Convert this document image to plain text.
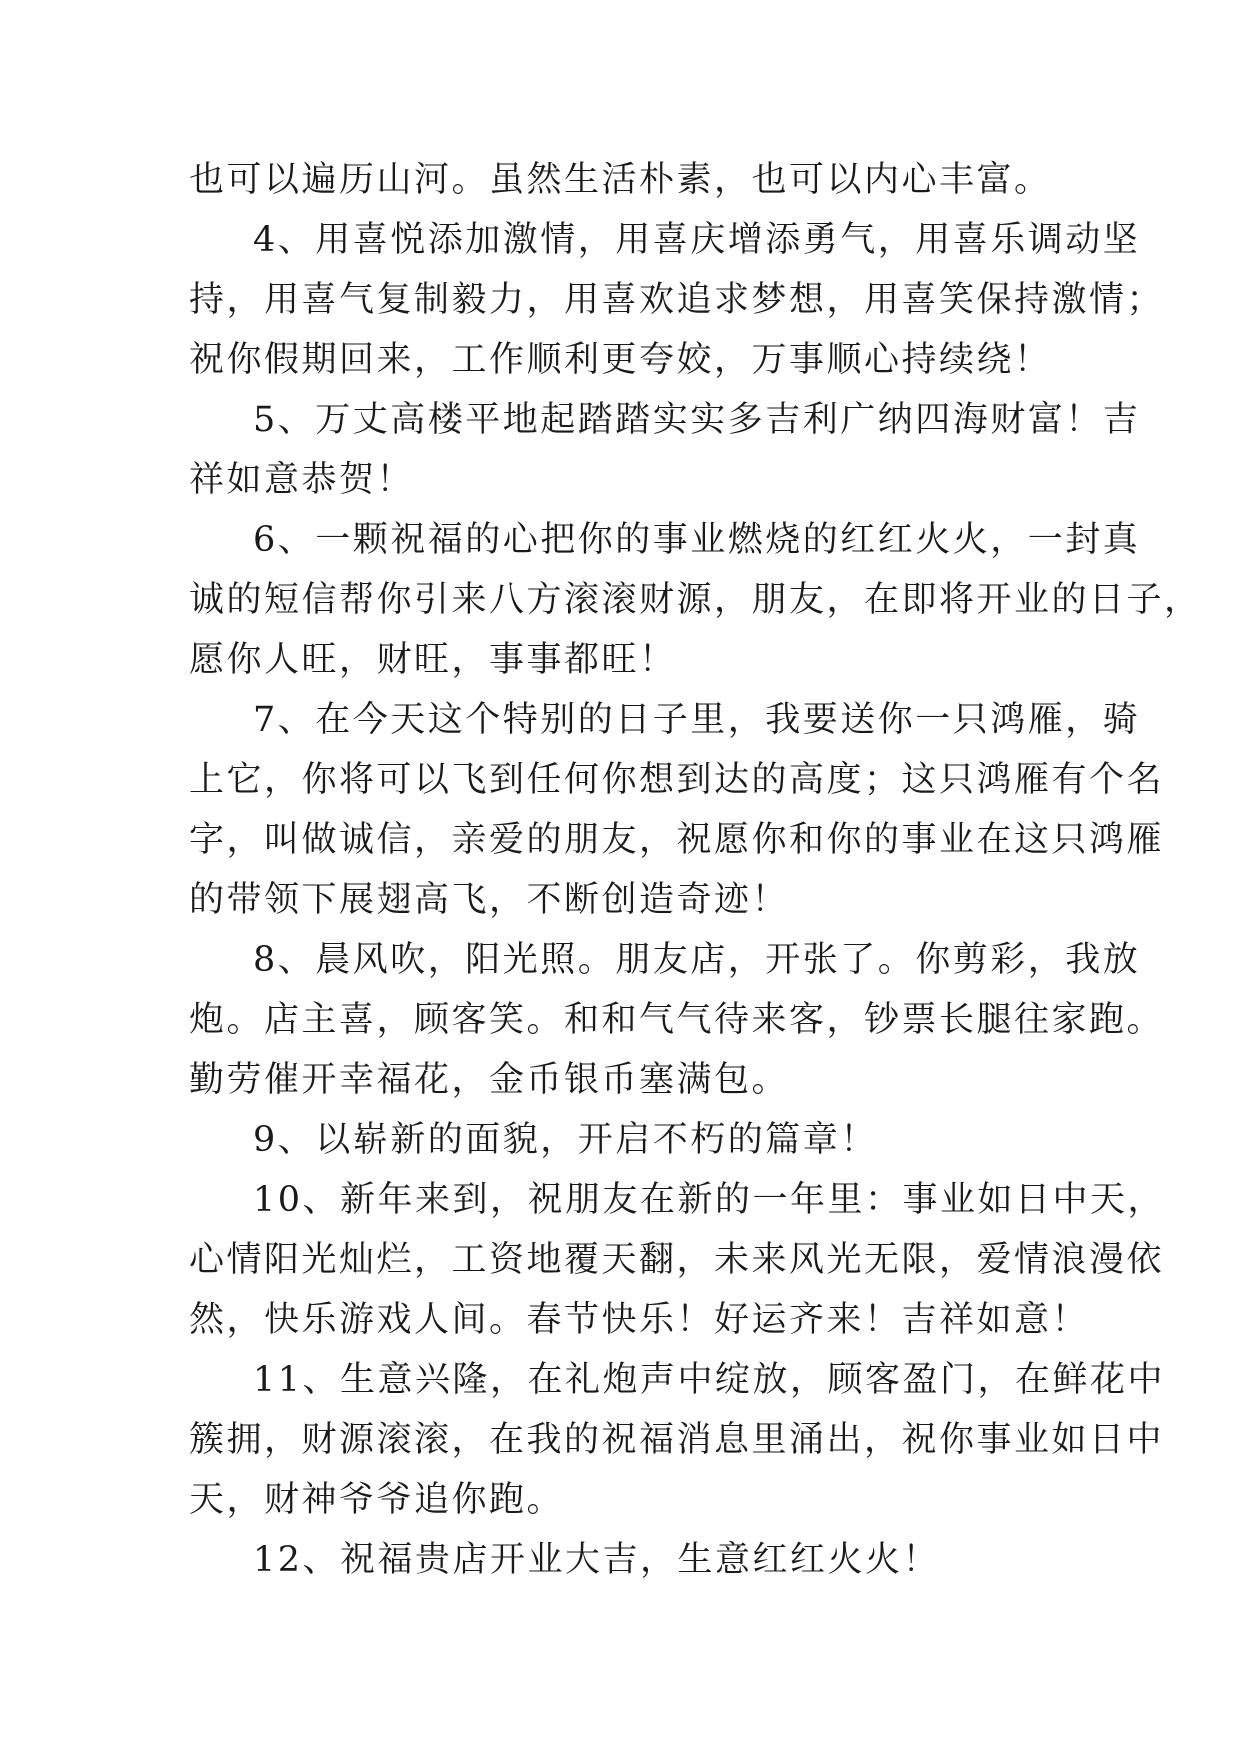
也可以遍历山河。虽然生活朴素，也可以内心丰富。
4、用喜悦添加激情，用喜庆增添勇气，用喜乐调动坚
持，用喜气复制毅力，用喜欢追求梦想，用喜笑保持激情；
祝你假期回来，工作顺利更夸姣，万事顺心持续绕！
5、万丈高楼平地起踏踏实实多吉利广纳四海财富！吉
祥如意恭贺！
6、一颗祝福的心把你的事业燃烧的红红火火，一封真
诚的短信帮你引来八方滚滚财源，朋友，在即将开业的日子，
愿你人旺，财旺，事事都旺！
7、在今天这个特别的日子里，我要送你一只鸿雁，骑
上它，你将可以飞到任何你想到达的高度；这只鸿雁有个名
字，叫做诚信，亲爱的朋友，祝愿你和你的事业在这只鸿雁
的带领下展翅高飞，不断创造奇迹！
8、晨风吹，阳光照。朋友店，开张了。你剪彩，我放
炮。店主喜，顾客笑。和和气气待来客，钞票长腿往家跑。
勤劳催开幸福花，金币银币塞满包。
9、以崭新的面貌，开启不朽的篇章！
10、新年来到，祝朋友在新的一年里：事业如日中天，
心情阳光灿烂，工资地覆天翻，未来风光无限，爱情浪漫依
然，快乐游戏人间。春节快乐！好运齐来！吉祥如意！
11、生意兴隆，在礼炮声中绽放，顾客盈门，在鲜花中
簇拥，财源滚滚，在我的祝福消息里涌出，祝你事业如日中
天，财神爷爷追你跑。
12、祝福贵店开业大吉，生意红红火火！
